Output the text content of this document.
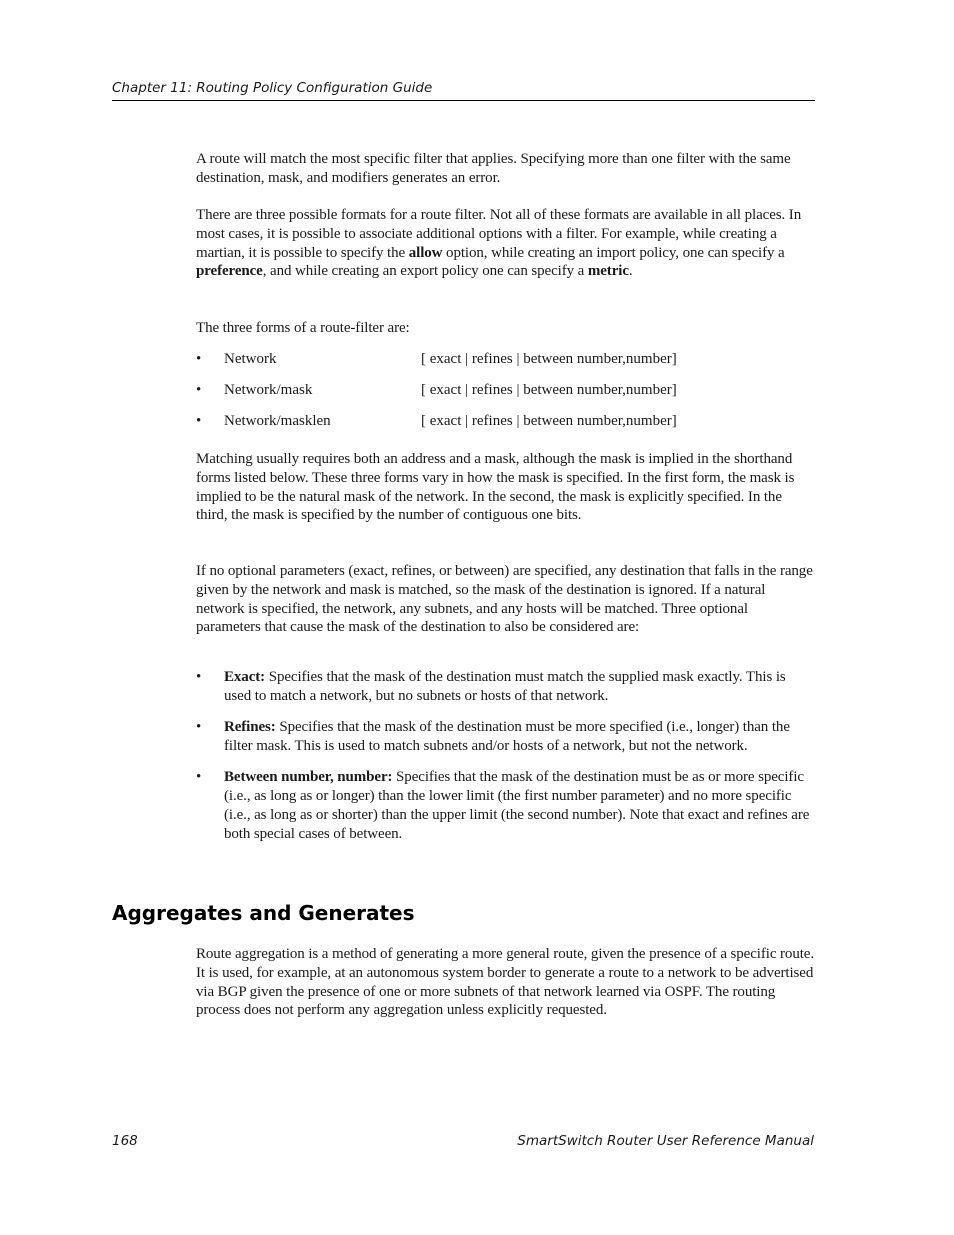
Chapter 11: Routing Policy Configuration Guide

A route will match the most specific filter that applies. Specifying more than one filter with the same destination, mask, and modifiers generates an error.

There are three possible formats for a route filter. Not all of these formats are available in all places. In most cases, it is possible to associate additional options with a filter. For example, while creating a martian, it is possible to specify the allow option, while creating an import policy, one can specify a preference, and while creating an export policy one can specify a metric.

The three forms of a route-filter are:

• Network	[ exact | refines | between number,number]
• Network/mask	[ exact | refines | between number,number]
• Network/masklen	[ exact | refines | between number,number]

Matching usually requires both an address and a mask, although the mask is implied in the shorthand forms listed below. These three forms vary in how the mask is specified. In the first form, the mask is implied to be the natural mask of the network. In the second, the mask is explicitly specified. In the third, the mask is specified by the number of contiguous one bits.

If no optional parameters (exact, refines, or between) are specified, any destination that falls in the range given by the network and mask is matched, so the mask of the destination is ignored. If a natural network is specified, the network, any subnets, and any hosts will be matched. Three optional parameters that cause the mask of the destination to also be considered are:

• Exact: Specifies that the mask of the destination must match the supplied mask exactly. This is used to match a network, but no subnets or hosts of that network.
• Refines: Specifies that the mask of the destination must be more specified (i.e., longer) than the filter mask. This is used to match subnets and/or hosts of a network, but not the network.
• Between number, number: Specifies that the mask of the destination must be as or more specific (i.e., as long as or longer) than the lower limit (the first number parameter) and no more specific (i.e., as long as or shorter) than the upper limit (the second number). Note that exact and refines are both special cases of between.
Aggregates and Generates

Route aggregation is a method of generating a more general route, given the presence of a specific route. It is used, for example, at an autonomous system border to generate a route to a network to be advertised via BGP given the presence of one or more subnets of that network learned via OSPF. The routing process does not perform any aggregation unless explicitly requested.

168	SmartSwitch Router User Reference Manual
